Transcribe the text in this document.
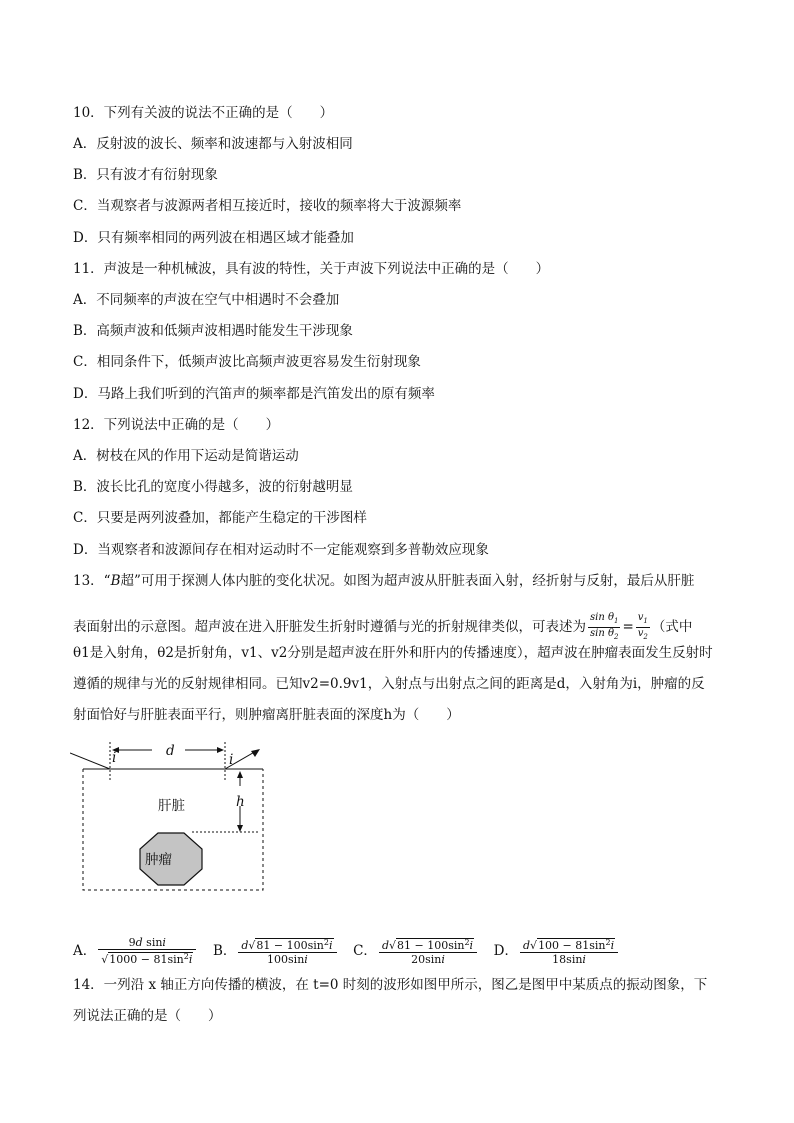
10．下列有关波的说法不正确的是（　　）
A．反射波的波长、频率和波速都与入射波相同
B．只有波才有衍射现象
C．当观察者与波源两者相互接近时，接收的频率将大于波源频率
D．只有频率相同的两列波在相遇区域才能叠加
11．声波是一种机械波，具有波的特性，关于声波下列说法中正确的是（　　）
A．不同频率的声波在空气中相遇时不会叠加
B．高频声波和低频声波相遇时能发生干涉现象
C．相同条件下，低频声波比高频声波更容易发生衍射现象
D．马路上我们听到的汽笛声的频率都是汽笛发出的原有频率
12．下列说法中正确的是（　　）
A．树枝在风的作用下运动是简谐运动
B．波长比孔的宽度小得越多，波的衍射越明显
C．只要是两列波叠加，都能产生稳定的干涉图样
D．当观察者和波源间存在相对运动时不一定能观察到多普勒效应现象
13．“B超”可用于探测人体内脏的变化状况。如图为超声波从肝脏表面入射，经折射与反射，最后从肝脏
表面射出的示意图。超声波在进入肝脏发生折射时遵循与光的折射规律类似，可表述为 $\frac{\sin \theta_1}{\sin \theta_2} = \frac{v_1}{v_2}$ （式中
θ1是入射角，θ2是折射角，v1、v2分别是超声波在肝外和肝内的传播速度），超声波在肿瘤表面发生反射时
遵循的规律与光的反射规律相同。已知v2=0.9v1，入射点与出射点之间的距离是d，入射角为i，肿瘤的反
射面恰好与肝脏表面平行，则肿瘤离肝脏表面的深度h为（　　）
d
i	i
h
肝脏
肿瘤
A． $\frac{\text{9d sini}}{√1000 - 81\sin^2i}$ B． $\frac{d√81 - 100\sin^2i}{100\sin i}$ C． $\frac{d√81 - 100\sin^2i}{20\sin i}$ D． $\frac{d√100 - 81\sin^2i}{18\sin i}$
14．一列沿 x 轴正方向传播的横波，在 t=0 时刻的波形如图甲所示，图乙是图甲中某质点的振动图象，下
列说法正确的是（　　）
